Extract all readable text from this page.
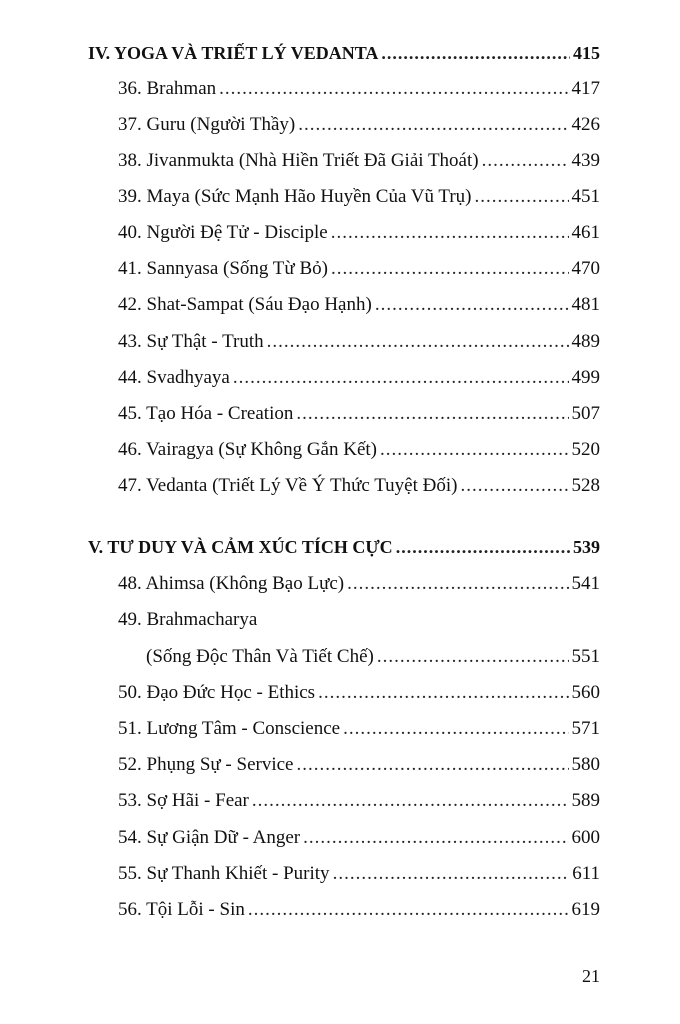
IV. YOGA VÀ TRIẾT LÝ VEDANTA .....	415
36. Brahman .....	417
37. Guru (Người Thầy) .....	426
38. Jivanmukta (Nhà Hiền Triết Đã Giải Thoát) .....	439
39. Maya (Sức Mạnh Hão Huyền Của Vũ Trụ) .....	451
40. Người Đệ Tử - Disciple .....	461
41. Sannyasa (Sống Từ Bỏ) .....	470
42. Shat-Sampat (Sáu Đạo Hạnh) .....	481
43. Sự Thật - Truth .....	489
44. Svadhyaya .....	499
45. Tạo Hóa - Creation .....	507
46. Vairagya (Sự Không Gắn Kết) .....	520
47. Vedanta (Triết Lý Về Ý Thức Tuyệt Đối) .....	528
V. TƯ DUY VÀ CẢM XÚC TÍCH CỰC .....	539
48. Ahimsa (Không Bạo Lực) .....	541
49. Brahmacharya
(Sống Độc Thân Và Tiết Chế) .....	551
50. Đạo Đức Học - Ethics .....	560
51. Lương Tâm - Conscience .....	571
52. Phụng Sự - Service .....	580
53. Sợ Hãi - Fear .....	589
54. Sự Giận Dữ - Anger .....	600
55. Sự Thanh Khiết - Purity .....	611
56. Tội Lỗi - Sin .....	619
21
